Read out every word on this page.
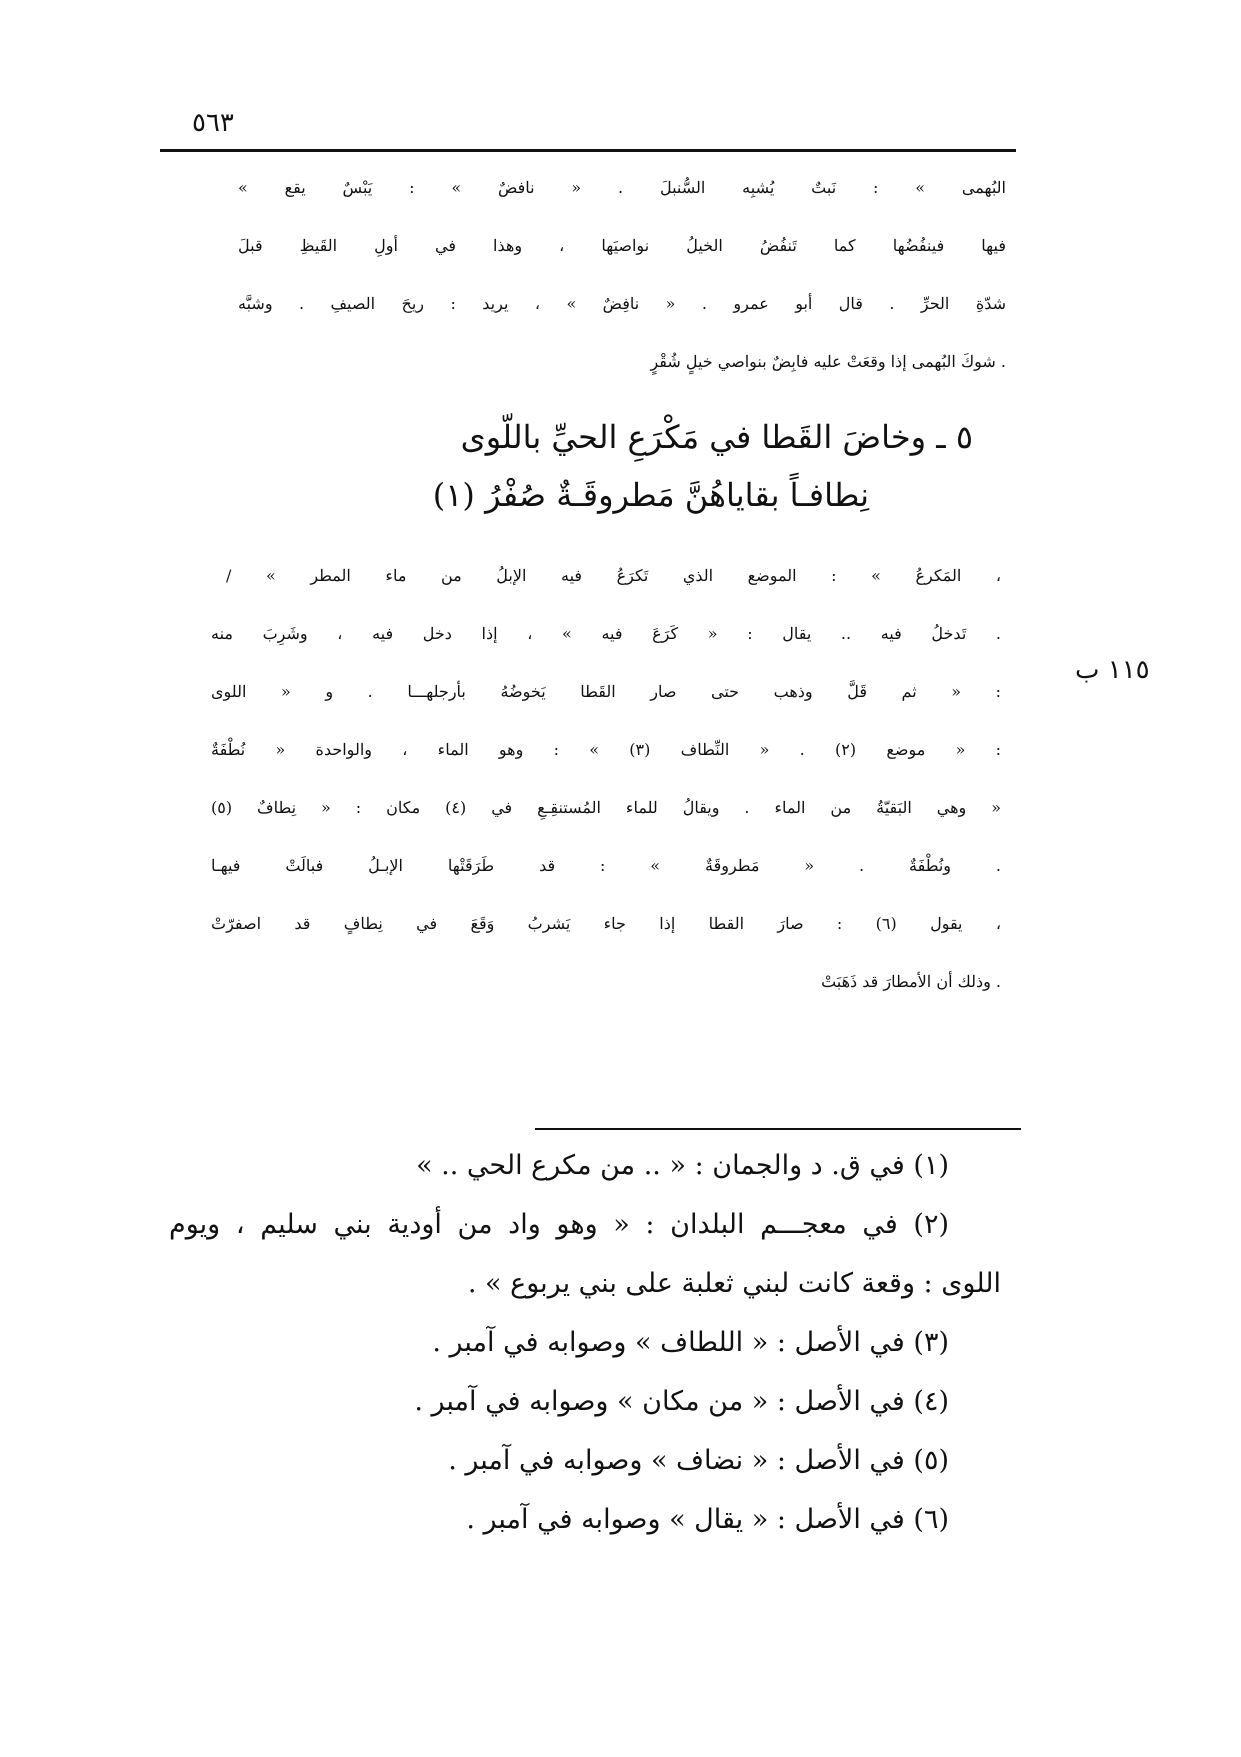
٥٦٣
« البُهمى » : نَبتٌ يُشبِه السُّنبلَ . « نافضٌ » : يَبْسٌ يقع
فيها فينفُضُها كما تَنفُضُ الخيلُ نواصيَها ، وهذا في أولِ القَيظِ قبلَ
شدّةِ الحرِّ . قال أبو عمرو . « نافِضٌ » ، يريد : ريحَ الصيفِ . وشبَّه
شوكَ البُهمى إذا وقعَتْ عليه فابِضٌ بنواصي خيلٍ شُقْرٍ .
٥ ـ وخاضَ القَطا في مَكْرَعِ الحيِّ باللّوى
نِطافـاً بقاياهُنَّ مَطروقَـةٌ صُفْرُ (١)
١١٥ ب
/ « المَكرعُ » : الموضع الذي تَكرَعُ فيه الإبلُ من ماء المطر ،
تَدخلُ فيه .. يقال : « كَرَعَ فيه » ، إذا دخل فيه ، وشَرِبَ منه .
ثم قَلَّ وذهب حتى صار القَطا يَخوضُهُ بأرجلهـــا . و « اللوى » :
موضع (٢) . « النِّطاف (٣) » : وهو الماء ، والواحدة « نُطْفَةٌ » :
وهي البَقيّةُ من الماء . ويقالُ للماء المُستنقِـعِ في (٤) مكان : « نِطافٌ (٥) »
ونُطْفَةٌ . « مَطروقَةٌ » : قد طَرَقَتْها الإبـلُ فبالَتْ فيهـا .
يقول (٦) : صارَ القطا إذا جاء يَشربُ وَقَعَ في نِطافٍ قد اصفرّتْ ،
وذلك أن الأمطارَ قد ذَهَبَتْ .
(١) في ق. د والجمان : « .. من مكرع الحي .. »
(٢) في معجـــم البلدان : « وهو واد من أودية بني سليم ، ويوم
اللوى : وقعة كانت لبني ثعلبة على بني يربوع » .
(٣) في الأصل : « اللطاف » وصوابه في آمبر .
(٤) في الأصل : « من مكان » وصوابه في آمبر .
(٥) في الأصل : « نضاف » وصوابه في آمبر .
(٦) في الأصل : « يقال » وصوابه في آمبر .
